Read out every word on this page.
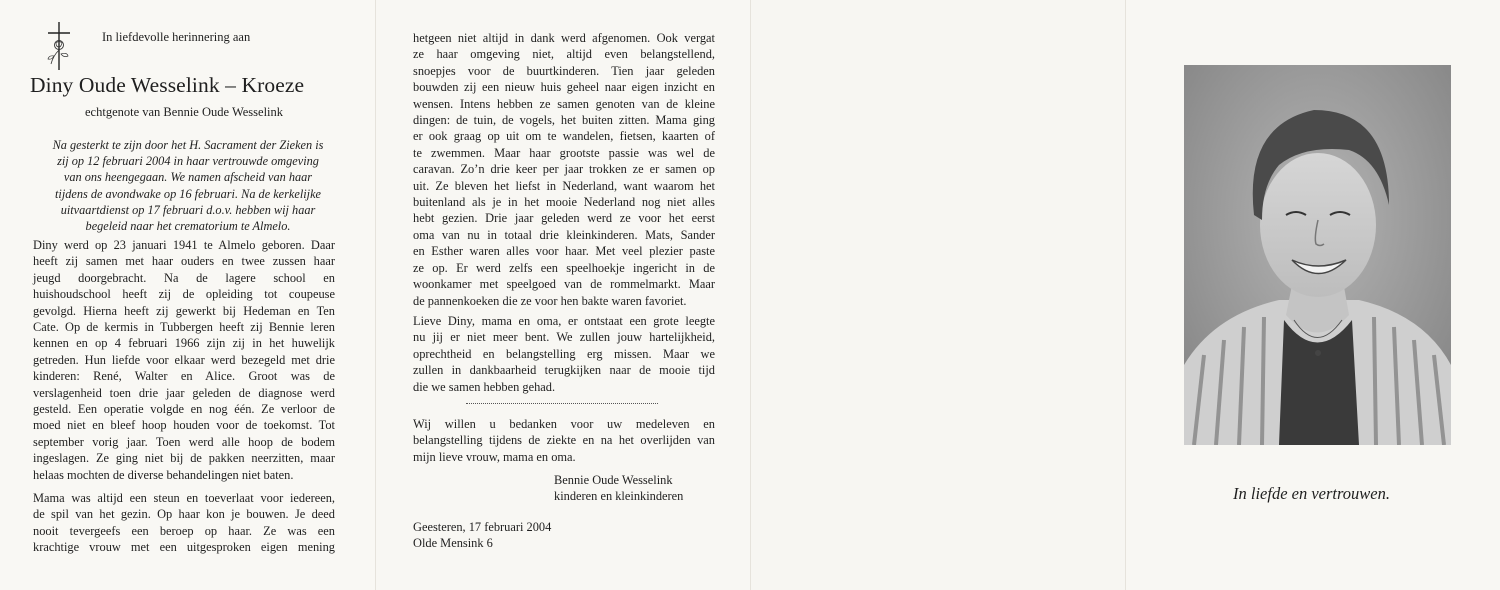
In liefdevolle herinnering aan
Diny Oude Wesselink – Kroeze
echtgenote van Bennie Oude Wesselink
Na gesterkt te zijn door het H. Sacrament der Zieken is
zij op 12 februari 2004 in haar vertrouwde omgeving
van ons heengegaan. We namen afscheid van haar
tijdens de avondwake op 16 februari. Na de kerkelijke
uitvaartdienst op 17 februari d.o.v. hebben wij haar
begeleid naar het crematorium te Almelo.
Diny werd op 23 januari 1941 te Almelo geboren. Daar
heeft zij samen met haar ouders en twee zussen haar
jeugd doorgebracht. Na de lagere school en
huishoudschool heeft zij de opleiding tot coupeuse
gevolgd. Hierna heeft zij gewerkt bij Hedeman en Ten
Cate. Op de kermis in Tubbergen heeft zij Bennie leren
kennen en op 4 februari 1966 zijn zij in het huwelijk
getreden. Hun liefde voor elkaar werd bezegeld met drie
kinderen: René, Walter en Alice. Groot was de
verslagenheid toen drie jaar geleden de diagnose werd
gesteld. Een operatie volgde en nog één. Ze verloor de
moed niet en bleef hoop houden voor de toekomst. Tot
september vorig jaar. Toen werd alle hoop de bodem
ingeslagen. Ze ging niet bij de pakken neerzitten, maar
helaas mochten de diverse behandelingen niet baten.
Mama was altijd een steun en toeverlaat voor iedereen,
de spil van het gezin. Op haar kon je bouwen. Je deed
nooit tevergeefs een beroep op haar. Ze was een
krachtige vrouw met een uitgesproken eigen mening
hetgeen niet altijd in dank werd afgenomen. Ook vergat
ze haar omgeving niet, altijd even belangstellend,
snoepjes voor de buurtkinderen. Tien jaar geleden
bouwden zij een nieuw huis geheel naar eigen inzicht en
wensen. Intens hebben ze samen genoten van de kleine
dingen: de tuin, de vogels, het buiten zitten. Mama ging
er ook graag op uit om te wandelen, fietsen, kaarten of
te zwemmen. Maar haar grootste passie was wel de
caravan. Zo’n drie keer per jaar trokken ze er samen op
uit. Ze bleven het liefst in Nederland, want waarom het
buitenland als je in het mooie Nederland nog niet alles
hebt gezien. Drie jaar geleden werd ze voor het eerst
oma van nu in totaal drie kleinkinderen. Mats, Sander
en Esther waren alles voor haar. Met veel plezier paste
ze op. Er werd zelfs een speelhoekje ingericht in de
woonkamer met speelgoed van de rommelmarkt. Maar
de pannenkoeken die ze voor hen bakte waren favoriet.
Lieve Diny, mama en oma, er ontstaat een grote leegte
nu jij er niet meer bent. We zullen jouw hartelijkheid,
oprechtheid en belangstelling erg missen. Maar we
zullen in dankbaarheid terugkijken naar de mooie tijd
die we samen hebben gehad.
Wij willen u bedanken voor uw medeleven en
belangstelling tijdens de ziekte en na het overlijden van
mijn lieve vrouw, mama en oma.
Bennie Oude Wesselink
kinderen en kleinkinderen
Geesteren, 17 februari 2004
Olde Mensink 6
In liefde en vertrouwen.
